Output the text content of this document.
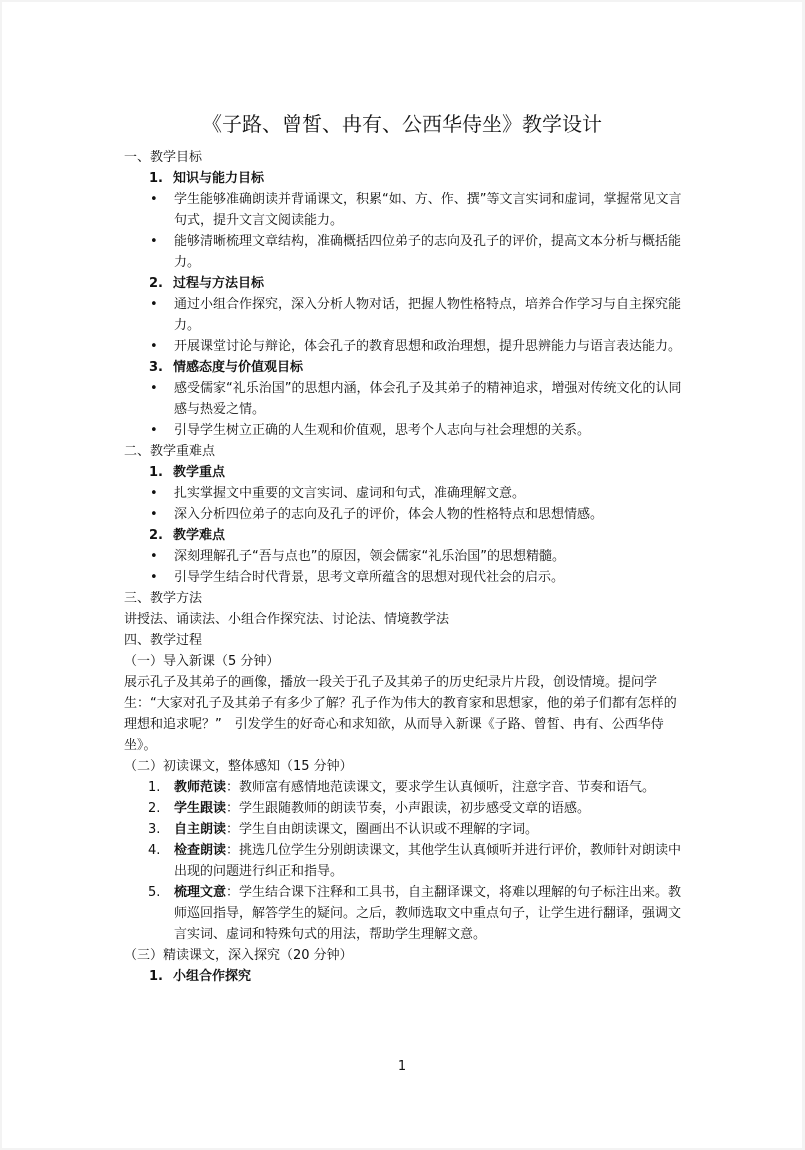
《子路、曾皙、冉有、公西华侍坐》教学设计

一、教学目标

1. 知识与能力目标

• 学生能够准确朗读并背诵课文，积累“如、方、作、撰”等文言实词和虚词，掌握常见文言句式，提升文言文阅读能力。

• 能够清晰梳理文章结构，准确概括四位弟子的志向及孔子的评价，提高文本分析与概括能力。

2. 过程与方法目标

• 通过小组合作探究，深入分析人物对话，把握人物性格特点，培养合作学习与自主探究能力。

• 开展课堂讨论与辩论，体会孔子的教育思想和政治理想，提升思辨能力与语言表达能力。

3. 情感态度与价值观目标

• 感受儒家“礼乐治国”的思想内涵，体会孔子及其弟子的精神追求，增强对传统文化的认同感与热爱之情。

• 引导学生树立正确的人生观和价值观，思考个人志向与社会理想的关系。

二、教学重难点

1. 教学重点

• 扎实掌握文中重要的文言实词、虚词和句式，准确理解文意。

• 深入分析四位弟子的志向及孔子的评价，体会人物的性格特点和思想情感。

2. 教学难点

• 深刻理解孔子“吾与点也”的原因，领会儒家“礼乐治国”的思想精髓。

• 引导学生结合时代背景，思考文章所蕴含的思想对现代社会的启示。

三、教学方法

讲授法、诵读法、小组合作探究法、讨论法、情境教学法

四、教学过程

（一）导入新课（5 分钟）

展示孔子及其弟子的画像，播放一段关于孔子及其弟子的历史纪录片片段，创设情境。提问学生：“大家对孔子及其弟子有多少了解？孔子作为伟大的教育家和思想家，他的弟子们都有怎样的理想和追求呢？”　引发学生的好奇心和求知欲，从而导入新课《子路、曾皙、冉有、公西华侍坐》。

（二）初读课文，整体感知（15 分钟）

1. 教师范读：教师富有感情地范读课文，要求学生认真倾听，注意字音、节奏和语气。

2. 学生跟读：学生跟随教师的朗读节奏，小声跟读，初步感受文章的语感。

3. 自主朗读：学生自由朗读课文，圈画出不认识或不理解的字词。

4. 检查朗读：挑选几位学生分别朗读课文，其他学生认真倾听并进行评价，教师针对朗读中出现的问题进行纠正和指导。

5. 梳理文意：学生结合课下注释和工具书，自主翻译课文，将难以理解的句子标注出来。教师巡回指导，解答学生的疑问。之后，教师选取文中重点句子，让学生进行翻译，强调文言实词、虚词和特殊句式的用法，帮助学生理解文意。

（三）精读课文，深入探究（20 分钟）

1. 小组合作探究

1
